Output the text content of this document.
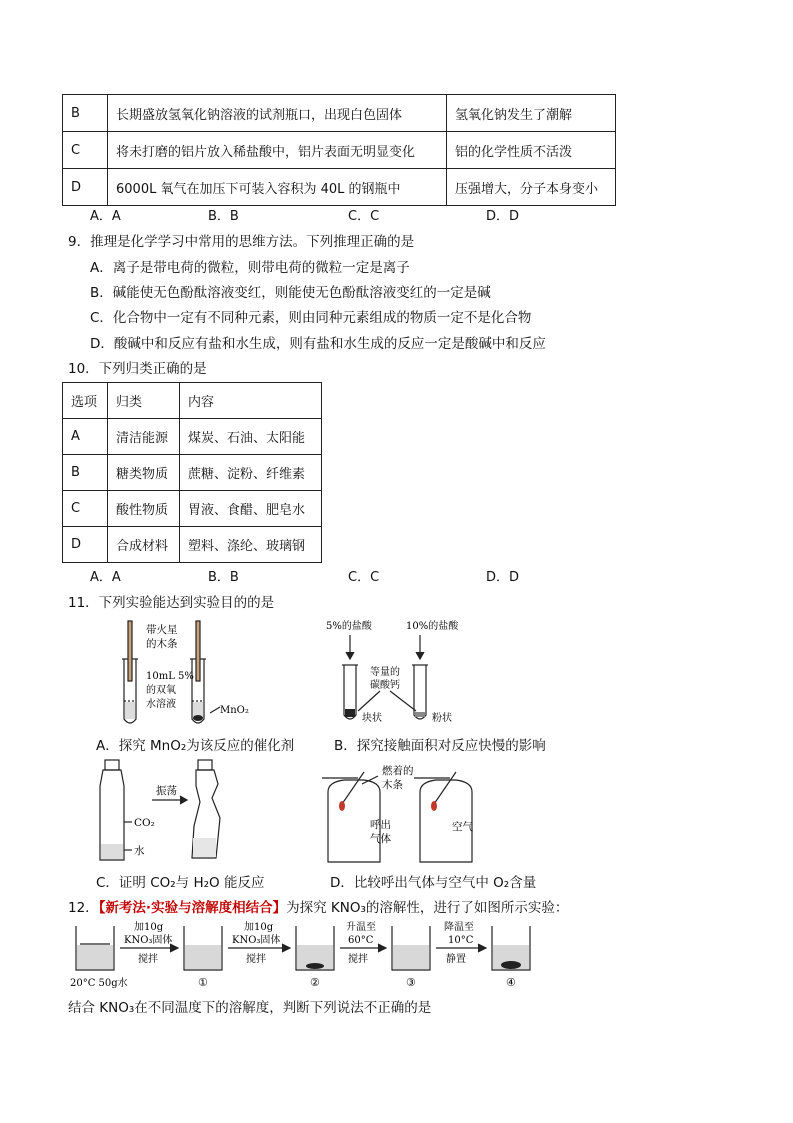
B	长期盛放氢氧化钠溶液的试剂瓶口，出现白色固体	氢氧化钠发生了潮解
C	将未打磨的铝片放入稀盐酸中，铝片表面无明显变化	铝的化学性质不活泼
D	6000L 氧气在加压下可装入容积为 40L 的钢瓶中	压强增大，分子本身变小
A．A	B．B	C．C	D．D
9．推理是化学学习中常用的思维方法。下列推理正确的是
A．离子是带电荷的微粒，则带电荷的微粒一定是离子
B．碱能使无色酚酞溶液变红，则能使无色酚酞溶液变红的一定是碱
C．化合物中一定有不同种元素，则由同种元素组成的物质一定不是化合物
D．酸碱中和反应有盐和水生成，则有盐和水生成的反应一定是酸碱中和反应
10．下列归类正确的是
选项	归类	内容
A	清洁能源	煤炭、石油、太阳能
B	糖类物质	蔗糖、淀粉、纤维素
C	酸性物质	胃液、食醋、肥皂水
D	合成材料	塑料、涤纶、玻璃钢
A．A	B．B	C．C	D．D
11．下列实验能达到实验目的的是
带火星
的木条
10mL 5%
的双氧
水溶液
MnO₂
5%的盐酸	10%的盐酸
等量的
碳酸钙
块状	粉状
A．探究 MnO₂为该反应的催化剂	B．探究接触面积对反应快慢的影响
振荡
CO₂
水
燃着的
木条
呼出
气体
空气
C．证明 CO₂与 H₂O 能反应	D．比较呼出气体与空气中 O₂含量
12．【新考法·实验与溶解度相结合】为探究 KNO₃的溶解性，进行了如图所示实验：
加10g
KNO₃固体
搅拌
加10g
KNO₃固体
搅拌
升温至
60°C
搅拌
降温至
10°C
静置
20°C 50g水	①	②	③	④
结合 KNO₃在不同温度下的溶解度，判断下列说法不正确的是
